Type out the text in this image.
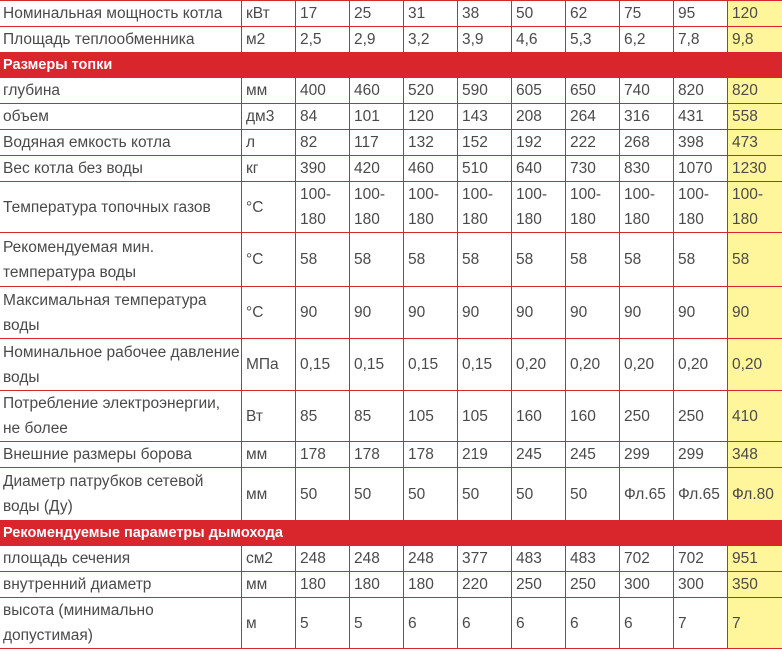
Номинальная мощность котла	кВт	17	25	31	38	50	62	75	95	120
Площадь теплообменника	м2	2,5	2,9	3,2	3,9	4,6	5,3	6,2	7,8	9,8
Размеры топки										
глубина	мм	400	460	520	590	605	650	740	820	820
объем	дм3	84	101	120	143	208	264	316	431	558
Водяная емкость котла	л	82	117	132	152	192	222	268	398	473
Вес котла без воды	кг	390	420	460	510	640	730	830	1070	1230
Температура топочных газов	°С	100-180	100-180	100-180	100-180	100-180	100-180	100-180	100-180	100-180
Рекомендуемая мин. температура воды	°С	58	58	58	58	58	58	58	58	58
Максимальная температура воды	°С	90	90	90	90	90	90	90	90	90
Номинальное рабочее давление воды	МПа	0,15	0,15	0,15	0,15	0,20	0,20	0,20	0,20	0,20
Потребление электроэнергии, не более	Вт	85	85	105	105	160	160	250	250	410
Внешние размеры борова	мм	178	178	178	219	245	245	299	299	348
Диаметр патрубков сетевой воды (Ду)	мм	50	50	50	50	50	50	Фл.65	Фл.65	Фл.80
Рекомендуемые параметры дымохода										
площадь сечения	см2	248	248	248	377	483	483	702	702	951
внутренний диаметр	мм	180	180	180	220	250	250	300	300	350
высота (минимально допустимая)	м	5	5	6	6	6	6	6	7	7
